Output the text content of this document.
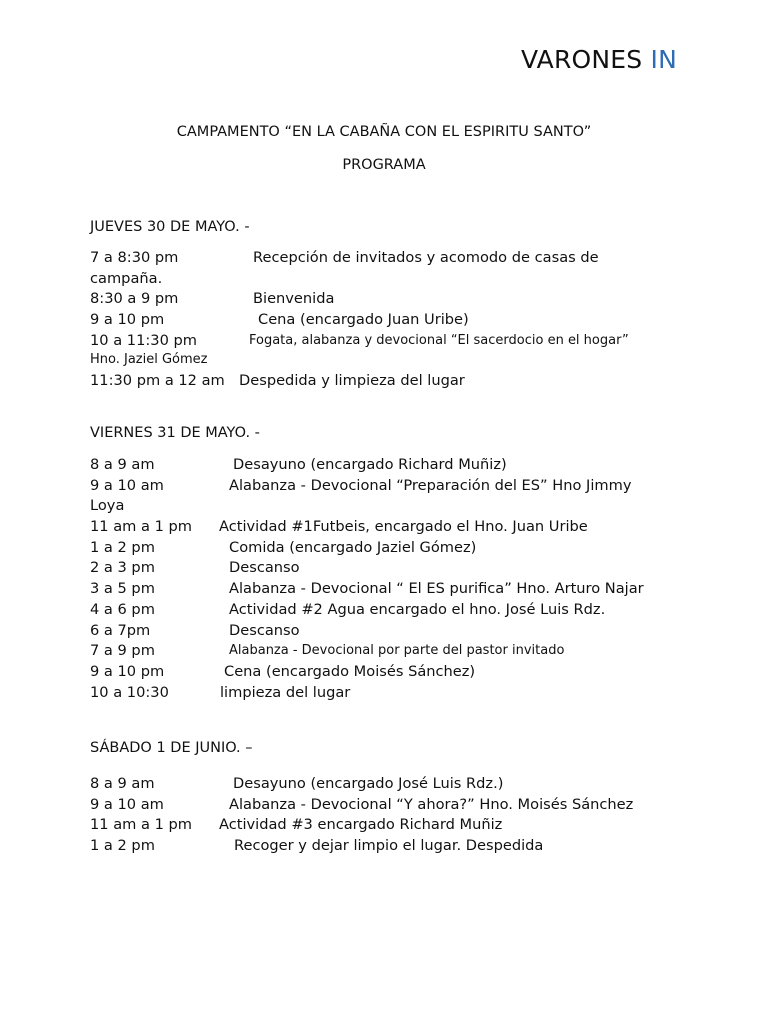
VARONES IN
CAMPAMENTO “EN LA CABAÑA CON EL ESPIRITU SANTO”
PROGRAMA
JUEVES 30 DE MAYO. -
7 a 8:30 pm	Recepción de invitados y acomodo de casas de
campaña.
8:30 a 9 pm	Bienvenida
9 a 10 pm	Cena (encargado Juan Uribe)
10 a 11:30 pm	Fogata, alabanza y devocional “El sacerdocio en el hogar”
Hno. Jaziel Gómez
11:30 pm a 12 am Despedida y limpieza del lugar
VIERNES 31 DE MAYO. -
8 a 9 am	Desayuno (encargado Richard Muñiz)
9 a 10 am	Alabanza - Devocional “Preparación del ES” Hno Jimmy
Loya
11 am a 1 pm Actividad #1Futbeis, encargado el Hno. Juan Uribe
1 a 2 pm	Comida (encargado Jaziel Gómez)
2 a 3 pm	Descanso
3 a 5 pm	Alabanza - Devocional “ El ES purifica” Hno. Arturo Najar
4 a 6 pm	Actividad #2 Agua encargado el hno. José Luis Rdz.
6 a 7pm	Descanso
7 a 9 pm	Alabanza - Devocional por parte del pastor invitado
9 a 10 pm	Cena (encargado Moisés Sánchez)
10 a 10:30	limpieza del lugar
SÁBADO 1 DE JUNIO. –
8 a 9 am	Desayuno (encargado José Luis Rdz.)
9 a 10 am	Alabanza - Devocional “Y ahora?” Hno. Moisés Sánchez
11 am a 1 pm Actividad #3 encargado Richard Muñiz
1 a 2 pm	Recoger y dejar limpio el lugar. Despedida
